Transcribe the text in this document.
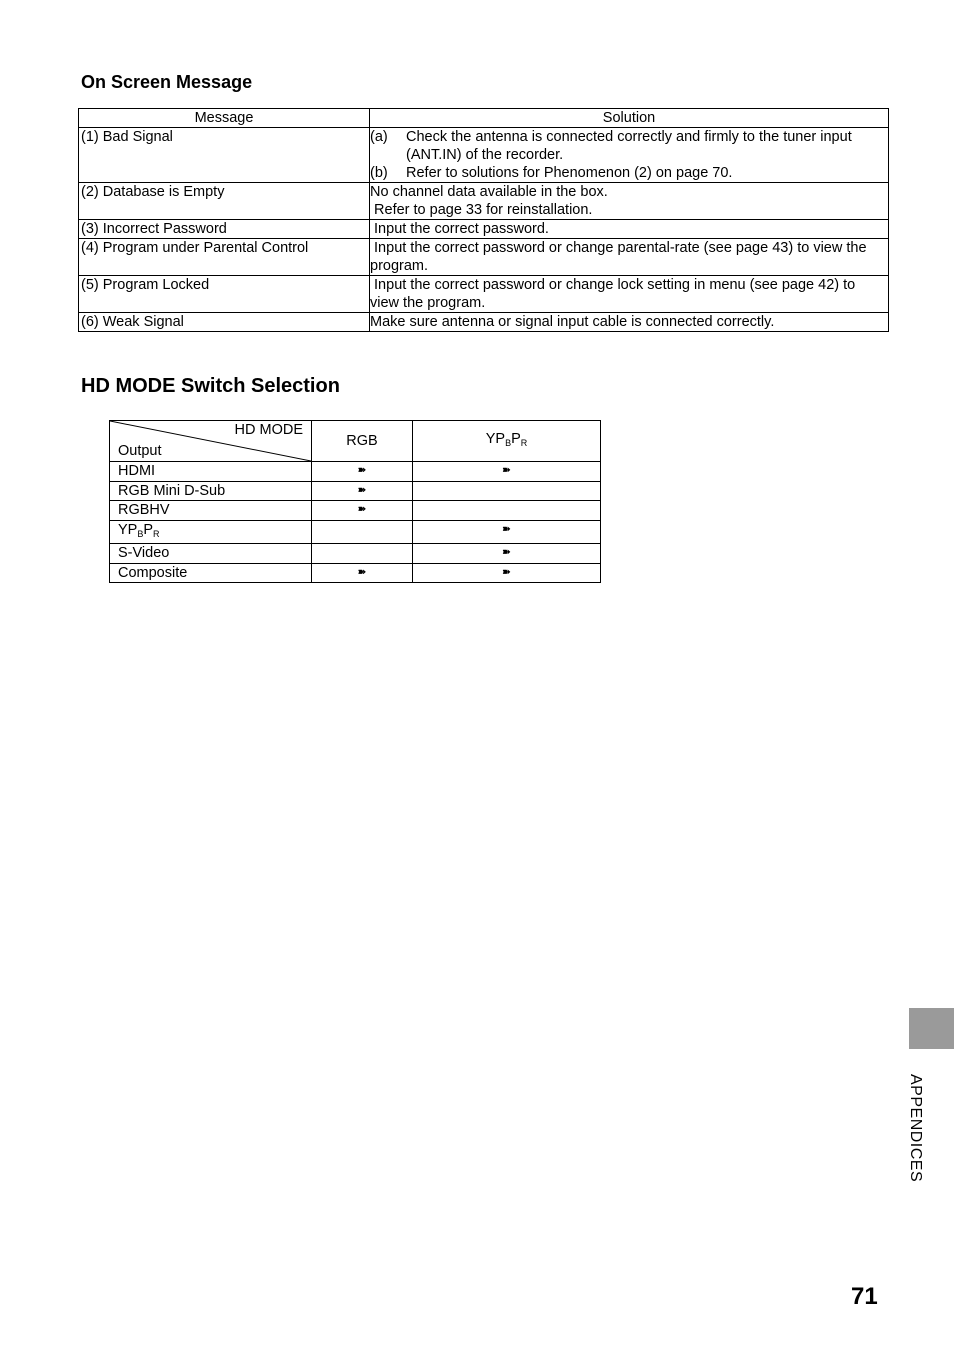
On Screen Message
Message	Solution
(1) Bad Signal	(a) Check the antenna is connected correctly and firmly to the tuner input (ANT.IN) of the recorder.
(b) Refer to solutions for Phenomenon (2) on page 70.

(2) Database is Empty	No channel data available in the box.
Refer to page 33 for reinstallation.

(3) Incorrect Password	Input the correct password.
(4) Program under Parental Control	Input the correct password or change parental-rate (see page 43) to view the program.
(5) Program Locked	Input the correct password or change lock setting in menu (see page 42) to view the program.
(6) Weak Signal	Make sure antenna or signal input cable is connected correctly.
HD MODE Switch Selection
HD MODE
Output	RGB	$YP_BP_R$
HDMI	➽	➽
RGB Mini D-Sub	➽	
RGBHV	➽	
$YP_BP_R$		➽
S-Video		➽
Composite	➽	➽
APPENDICES
71
